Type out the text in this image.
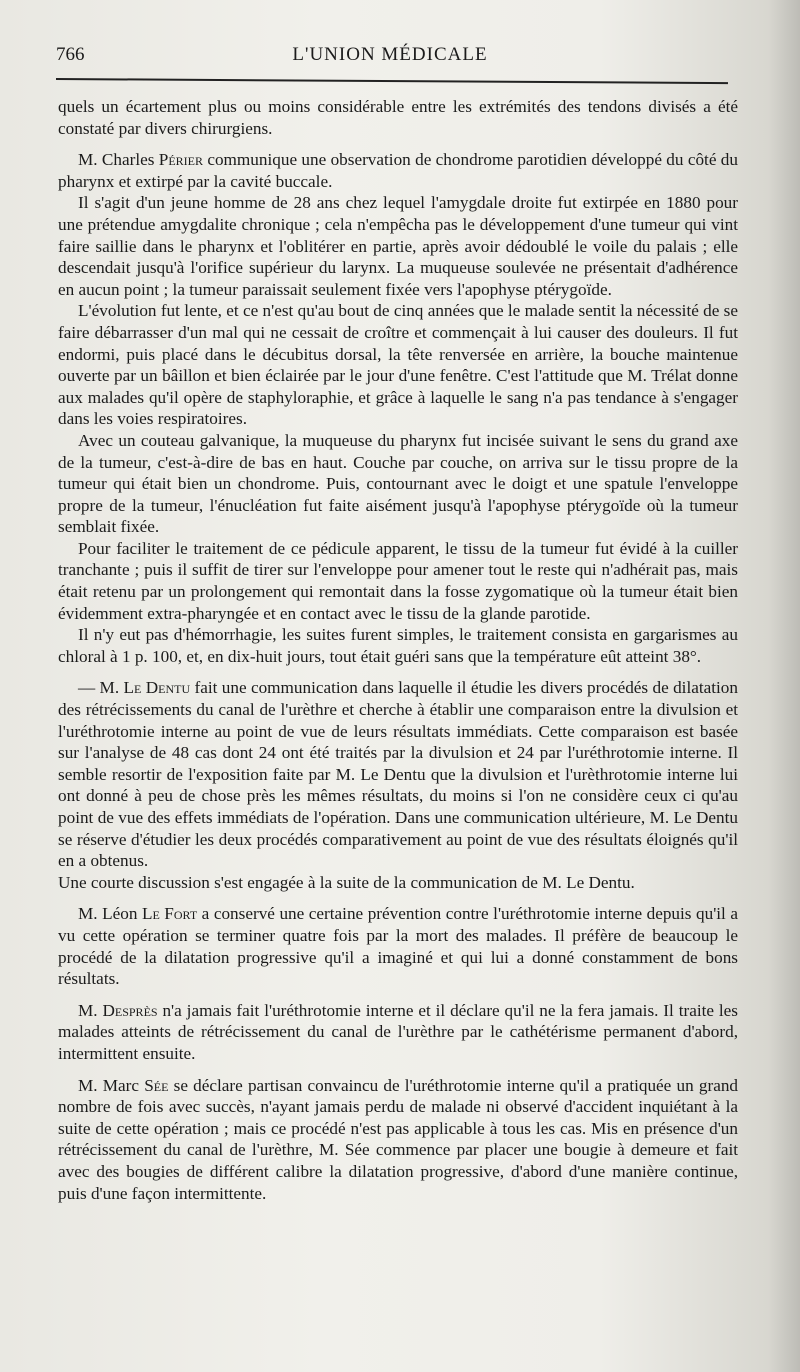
766	L'UNION MÉDICALE

quels un écartement plus ou moins considérable entre les extrémités des tendons divisés a été constaté par divers chirurgiens.

M. Charles Périer communique une observation de chondrome parotidien développé du côté du pharynx et extirpé par la cavité buccale.

Il s'agit d'un jeune homme de 28 ans chez lequel l'amygdale droite fut extirpée en 1880 pour une prétendue amygdalite chronique ; cela n'empêcha pas le développement d'une tumeur qui vint faire saillie dans le pharynx et l'oblitérer en partie, après avoir dédoublé le voile du palais ; elle descendait jusqu'à l'orifice supérieur du larynx. La muqueuse soulevée ne présentait d'adhérence en aucun point ; la tumeur paraissait seulement fixée vers l'apophyse ptérygoïde.

L'évolution fut lente, et ce n'est qu'au bout de cinq années que le malade sentit la nécessité de se faire débarrasser d'un mal qui ne cessait de croître et commençait à lui causer des douleurs. Il fut endormi, puis placé dans le décubitus dorsal, la tête renversée en arrière, la bouche maintenue ouverte par un bâillon et bien éclairée par le jour d'une fenêtre. C'est l'attitude que M. Trélat donne aux malades qu'il opère de staphylorаphie, et grâce à laquelle le sang n'a pas tendance à s'engager dans les voies respiratoires.

Avec un couteau galvanique, la muqueuse du pharynx fut incisée suivant le sens du grand axe de la tumeur, c'est-à-dire de bas en haut. Couche par couche, on arriva sur le tissu propre de la tumeur qui était bien un chondrome. Puis, contournant avec le doigt et une spatule l'enveloppe propre de la tumeur, l'énucléation fut faite aisément jusqu'à l'apophyse ptérygoïde où la tumeur semblait fixée.

Pour faciliter le traitement de ce pédicule apparent, le tissu de la tumeur fut évidé à la cuiller tranchante ; puis il suffit de tirer sur l'enveloppe pour amener tout le reste qui n'adhérait pas, mais était retenu par un prolongement qui remontait dans la fosse zygomatique où la tumeur était bien évidemment extra-pharyngée et en contact avec le tissu de la glande parotide.

Il n'y eut pas d'hémorrhagie, les suites furent simples, le traitement consista en gargarismes au chloral à 1 p. 100, et, en dix-huit jours, tout était guéri sans que la température eût atteint 38°.

— M. Le Dentu fait une communication dans laquelle il étudie les divers procédés de dilatation des rétrécissements du canal de l'urèthre et cherche à établir une comparaison entre la divulsion et l'uréthrotomie interne au point de vue de leurs résultats immédiats. Cette comparaison est basée sur l'analyse de 48 cas dont 24 ont été traités par la divulsion et 24 par l'uréthrotomie interne. Il semble resortir de l'exposition faite par M. Le Dentu que la divulsion et l'urèthrotomie interne lui ont donné à peu de chose près les mêmes résultats, du moins si l'on ne considère ceux ci qu'au point de vue des effets immédiats de l'opération. Dans une communication ultérieure, M. Le Dentu se réserve d'étudier les deux procédés comparativement au point de vue des résultats éloignés qu'il en a obtenus.

Une courte discussion s'est engagée à la suite de la communication de M. Le Dentu.

M. Léon Le Fort a conservé une certaine prévention contre l'uréthrotomie interne depuis qu'il a vu cette opération se terminer quatre fois par la mort des malades. Il préfère de beaucoup le procédé de la dilatation progressive qu'il a imaginé et qui lui a donné constamment de bons résultats.

M. Desprès n'a jamais fait l'uréthrotomie interne et il déclare qu'il ne la fera jamais. Il traite les malades atteints de rétrécissement du canal de l'urèthre par le cathétérisme permanent d'abord, intermittent ensuite.

M. Marc Sée se déclare partisan convaincu de l'uréthrotomie interne qu'il a pratiquée un grand nombre de fois avec succès, n'ayant jamais perdu de malade ni observé d'accident inquiétant à la suite de cette opération ; mais ce procédé n'est pas applicable à tous les cas. Mis en présence d'un rétrécissement du canal de l'urèthre, M. Sée commence par placer une bougie à demeure et fait avec des bougies de différent calibre la dilatation progressive, d'abord d'une manière continue, puis d'une façon intermittente.
